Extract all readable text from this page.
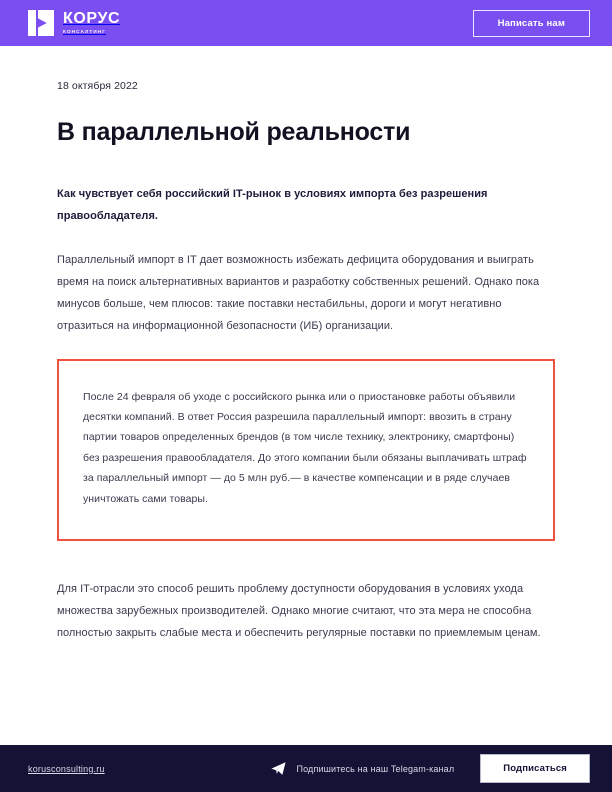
КОРУС
КОНСАЛТИНГ
Написать нам
18 октября 2022
В параллельной реальности

Как чувствует себя российский IT-рынок в условиях импорта без разрешения правообладателя.

Параллельный импорт в IT дает возможность избежать дефицита оборудования и выиграть время на поиск альтернативных вариантов и разработку собственных решений. Однако пока минусов больше, чем плюсов: такие поставки нестабильны, дороги и могут негативно отразиться на информационной безопасности (ИБ) организации.

После 24 февраля об уходе с российского рынка или о приостановке работы объявили десятки компаний. В ответ Россия разрешила параллельный импорт: ввозить в страну партии товаров определенных брендов (в том числе технику, электронику, смартфоны) без разрешения правообладателя. До этого компании были обязаны выплачивать штраф за параллельный импорт — до 5 млн руб.— в качестве компенсации и в ряде случаев уничтожать сами товары.

Для IT-отрасли это способ решить проблему доступности оборудования в условиях ухода множества зарубежных производителей. Однако многие считают, что эта мера не способна полностью закрыть слабые места и обеспечить регулярные поставки по приемлемым ценам.

korusconsulting.ru	Подпишитесь на наш Telegam-канал	Подписаться
